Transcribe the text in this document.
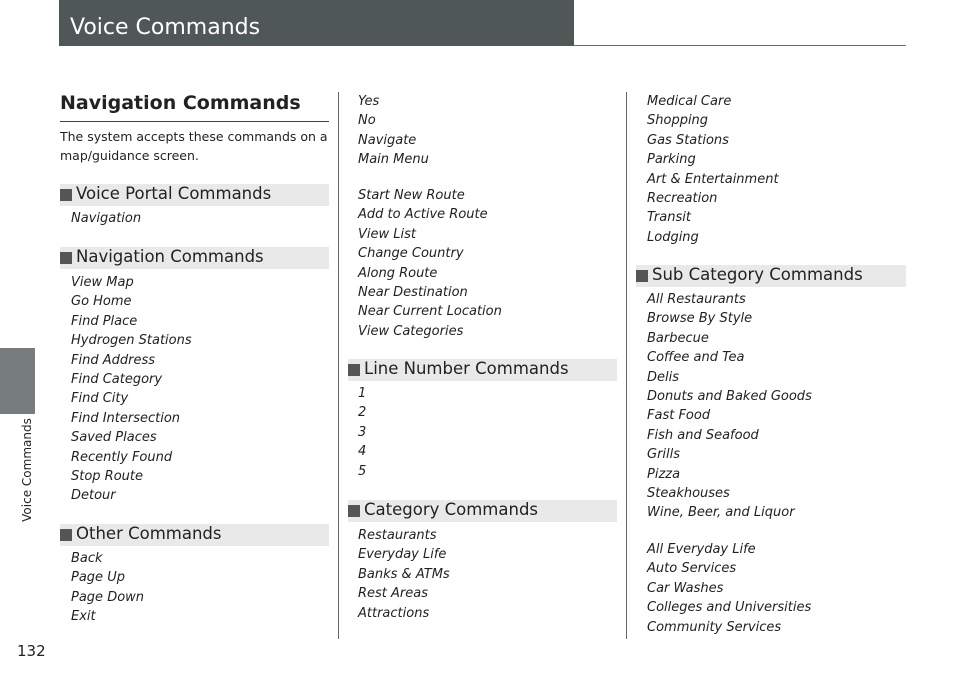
Voice Commands
Voice Commands
132
Navigation Commands
The system accepts these commands on a map/guidance screen.
Voice Portal Commands
Navigation
Navigation Commands
View Map
Go Home
Find Place
Hydrogen Stations
Find Address
Find Category
Find City
Find Intersection
Saved Places
Recently Found
Stop Route
Detour
Other Commands
Back
Page Up
Page Down
Exit
Yes
No
Navigate
Main Menu
Start New Route
Add to Active Route
View List
Change Country
Along Route
Near Destination
Near Current Location
View Categories
Line Number Commands
1
2
3
4
5
Category Commands
Restaurants
Everyday Life
Banks & ATMs
Rest Areas
Attractions
Medical Care
Shopping
Gas Stations
Parking
Art & Entertainment
Recreation
Transit
Lodging
Sub Category Commands
All Restaurants
Browse By Style
Barbecue
Coffee and Tea
Delis
Donuts and Baked Goods
Fast Food
Fish and Seafood
Grills
Pizza
Steakhouses
Wine, Beer, and Liquor
All Everyday Life
Auto Services
Car Washes
Colleges and Universities
Community Services
